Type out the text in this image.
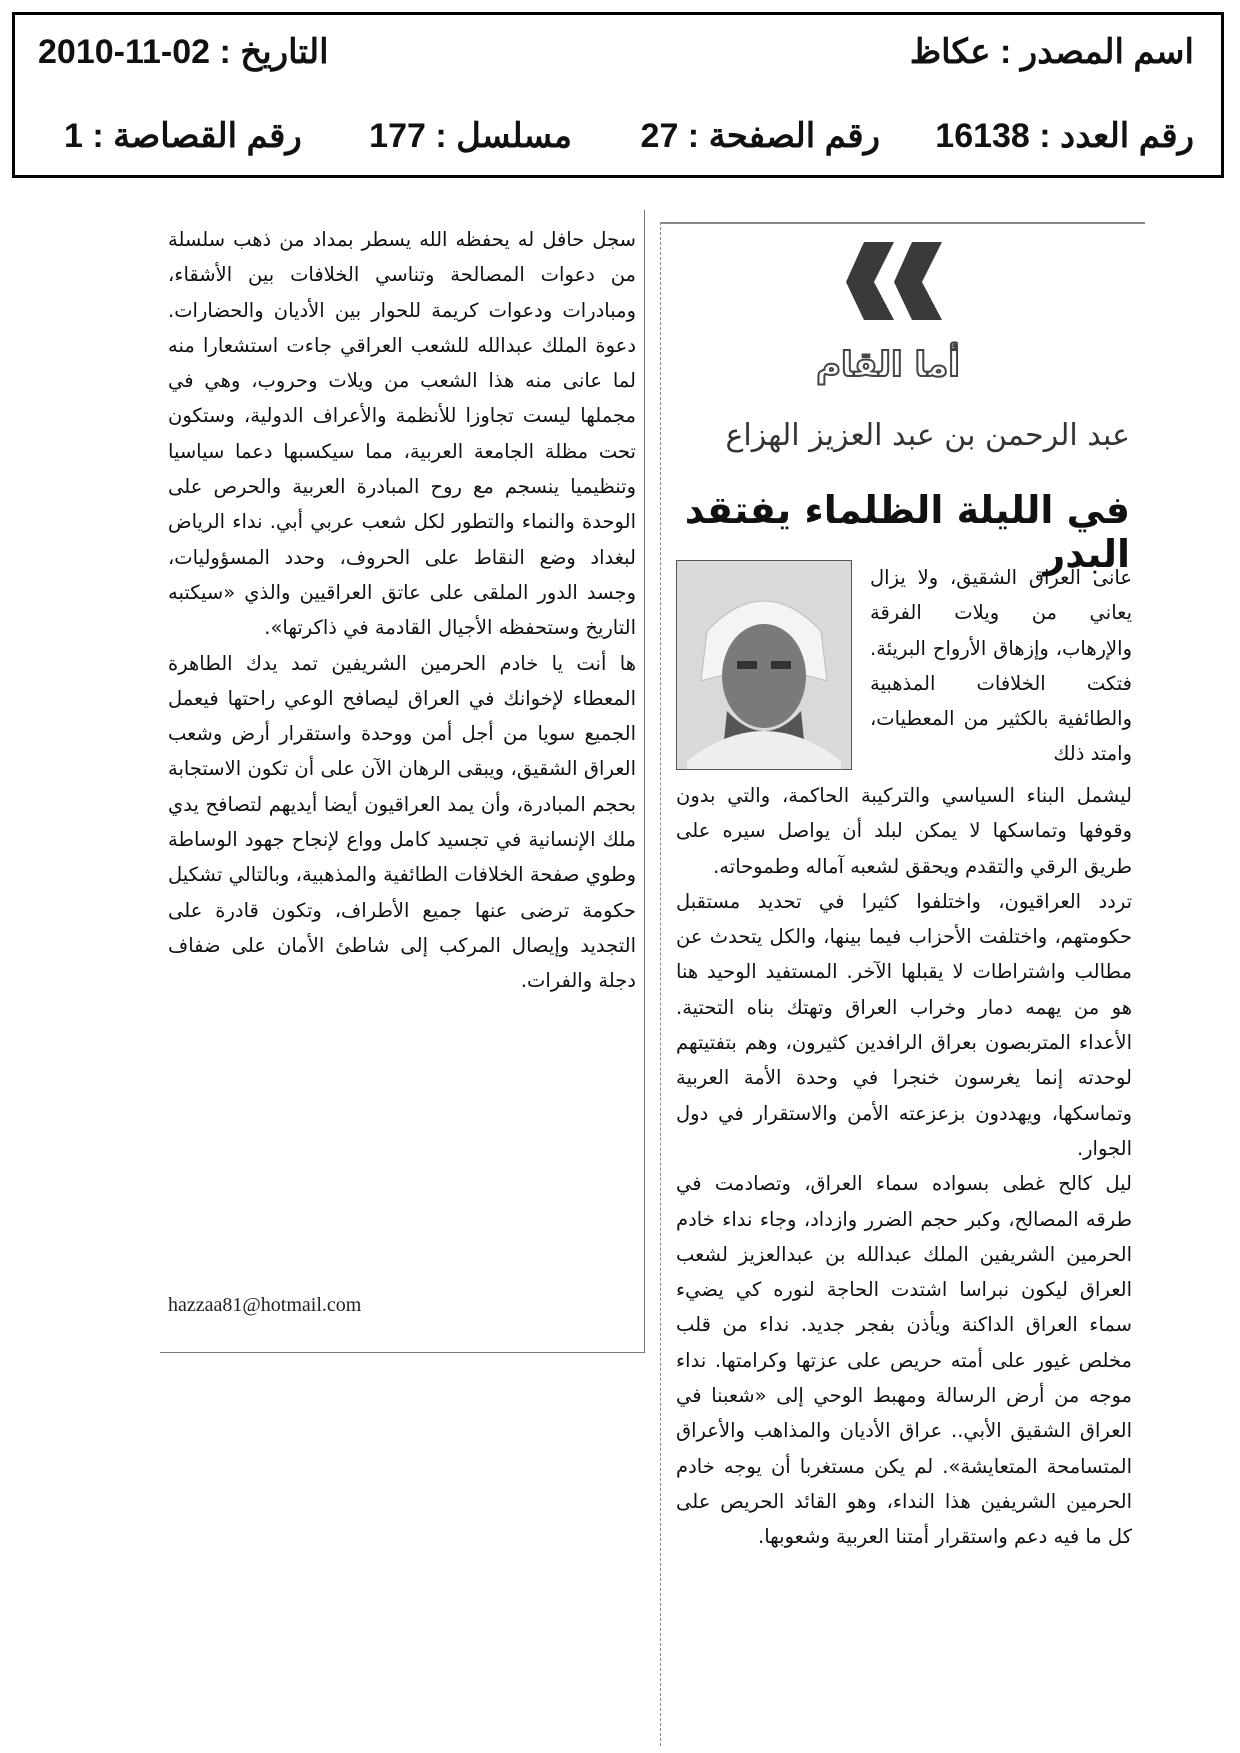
اسم المصدر : عكاظ
التاريخ : 02-11-2010
رقم العدد : 16138
رقم الصفحة : 27
مسلسل : 177
رقم القصاصة : 1
أما القام
عبد الرحمن بن عبد العزيز الهزاع
في الليلة الظلماء يفتقد البدر

عانى العراق الشقيق، ولا يزال يعاني من ويلات الفرقة والإرهاب، وإزهاق الأرواح البريئة. فتكت الخلافات المذهبية والطائفية بالكثير من المعطيات، وامتد ذلك

ليشمل البناء السياسي والتركيبة الحاكمة، والتي بدون وقوفها وتماسكها لا يمكن لبلد أن يواصل سيره على طريق الرقي والتقدم ويحقق لشعبه آماله وطموحاته.

تردد العراقيون، واختلفوا كثيرا في تحديد مستقبل حكومتهم، واختلفت الأحزاب فيما بينها، والكل يتحدث عن مطالب واشتراطات لا يقبلها الآخر. المستفيد الوحيد هنا هو من يهمه دمار وخراب العراق وتهتك بناه التحتية. الأعداء المتربصون بعراق الرافدين كثيرون، وهم بتفتيتهم لوحدته إنما يغرسون خنجرا في وحدة الأمة العربية وتماسكها، ويهددون بزعزعته الأمن والاستقرار في دول الجوار.

ليل كالح غطى بسواده سماء العراق، وتصادمت في طرقه المصالح، وكبر حجم الضرر وازداد، وجاء نداء خادم الحرمين الشريفين الملك عبدالله بن عبدالعزيز لشعب العراق ليكون نبراسا اشتدت الحاجة لنوره كي يضيء سماء العراق الداكنة ويأذن بفجر جديد. نداء من قلب مخلص غيور على أمته حريص على عزتها وكرامتها. نداء موجه من أرض الرسالة ومهبط الوحي إلى «شعبنا في العراق الشقيق الأبي.. عراق الأديان والمذاهب والأعراق المتسامحة المتعايشة». لم يكن مستغربا أن يوجه خادم الحرمين الشريفين هذا النداء، وهو القائد الحريص على كل ما فيه دعم واستقرار أمتنا العربية وشعوبها.

سجل حافل له يحفظه الله يسطر بمداد من ذهب سلسلة من دعوات المصالحة وتناسي الخلافات بين الأشقاء، ومبادرات ودعوات كريمة للحوار بين الأديان والحضارات. دعوة الملك عبدالله للشعب العراقي جاءت استشعارا منه لما عانى منه هذا الشعب من ويلات وحروب، وهي في مجملها ليست تجاوزا للأنظمة والأعراف الدولية، وستكون تحت مظلة الجامعة العربية، مما سيكسبها دعما سياسيا وتنظيميا ينسجم مع روح المبادرة العربية والحرص على الوحدة والنماء والتطور لكل شعب عربي أبي. نداء الرياض لبغداد وضع النقاط على الحروف، وحدد المسؤوليات، وجسد الدور الملقى على عاتق العراقيين والذي «سيكتبه التاريخ وستحفظه الأجيال القادمة في ذاكرتها».

ها أنت يا خادم الحرمين الشريفين تمد يدك الطاهرة المعطاء لإخوانك في العراق ليصافح الوعي راحتها فيعمل الجميع سويا من أجل أمن ووحدة واستقرار أرض وشعب العراق الشقيق، ويبقى الرهان الآن على أن تكون الاستجابة بحجم المبادرة، وأن يمد العراقيون أيضا أيديهم لتصافح يدي ملك الإنسانية في تجسيد كامل وواع لإنجاح جهود الوساطة وطوي صفحة الخلافات الطائفية والمذهبية، وبالتالي تشكيل حكومة ترضى عنها جميع الأطراف، وتكون قادرة على التجديد وإيصال المركب إلى شاطئ الأمان على ضفاف دجلة والفرات.

hazzaa81@hotmail.com
